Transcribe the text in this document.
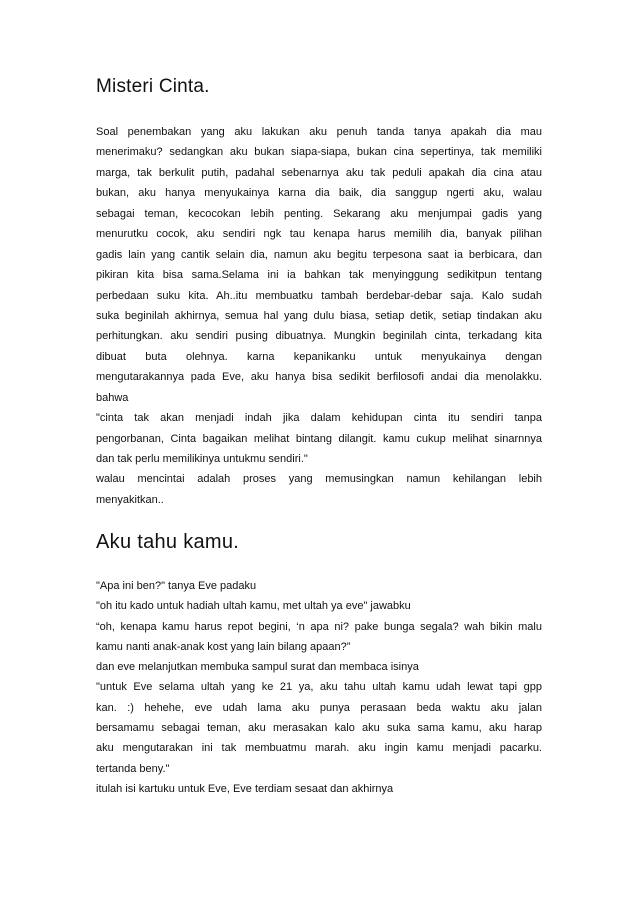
Misteri Cinta.
Soal penembakan yang aku lakukan aku penuh tanda tanya apakah dia mau
menerimaku? sedangkan aku bukan siapa-siapa, bukan cina sepertinya, tak memiliki
marga, tak berkulit putih, padahal sebenarnya aku tak peduli apakah dia cina atau
bukan, aku hanya menyukainya karna dia baik, dia sanggup ngerti aku, walau
sebagai teman, kecocokan lebih penting. Sekarang aku menjumpai gadis yang
menurutku cocok, aku sendiri ngk tau kenapa harus memilih dia, banyak pilihan
gadis lain yang cantik selain dia, namun aku begitu terpesona saat ia berbicara, dan
pikiran kita bisa sama.Selama ini ia bahkan tak menyinggung sedikitpun tentang
perbedaan suku kita. Ah..itu membuatku tambah berdebar-debar saja. Kalo sudah
suka beginilah akhirnya, semua hal yang dulu biasa, setiap detik, setiap tindakan aku
perhitungkan. aku sendiri pusing dibuatnya. Mungkin beginilah cinta, terkadang kita
dibuat buta olehnya. karna kepanikanku untuk menyukainya dengan
mengutarakannya pada Eve, aku hanya bisa sedikit berfilosofi andai dia menolakku.
bahwa
"cinta tak akan menjadi indah jika dalam kehidupan cinta itu sendiri tanpa
pengorbanan, Cinta bagaikan melihat bintang dilangit. kamu cukup melihat sinarnnya
dan tak perlu memilikinya untukmu sendiri."
walau mencintai adalah proses yang memusingkan namun kehilangan lebih
menyakitkan..
Aku tahu kamu.
"Apa ini ben?" tanya Eve padaku
"oh itu kado untuk hadiah ultah kamu, met ultah ya eve" jawabku
“oh, kenapa kamu harus repot begini, ‘n apa ni? pake bunga segala? wah bikin malu
kamu nanti anak-anak kost yang lain bilang apaan?”
dan eve melanjutkan membuka sampul surat dan membaca isinya
"untuk Eve selama ultah yang ke 21 ya, aku tahu ultah kamu udah lewat tapi gpp
kan. :) hehehe, eve udah lama aku punya perasaan beda waktu aku jalan
bersamamu sebagai teman, aku merasakan kalo aku suka sama kamu, aku harap
aku mengutarakan ini tak membuatmu marah. aku ingin kamu menjadi pacarku.
tertanda beny."
itulah isi kartuku untuk Eve, Eve terdiam sesaat dan akhirnya
